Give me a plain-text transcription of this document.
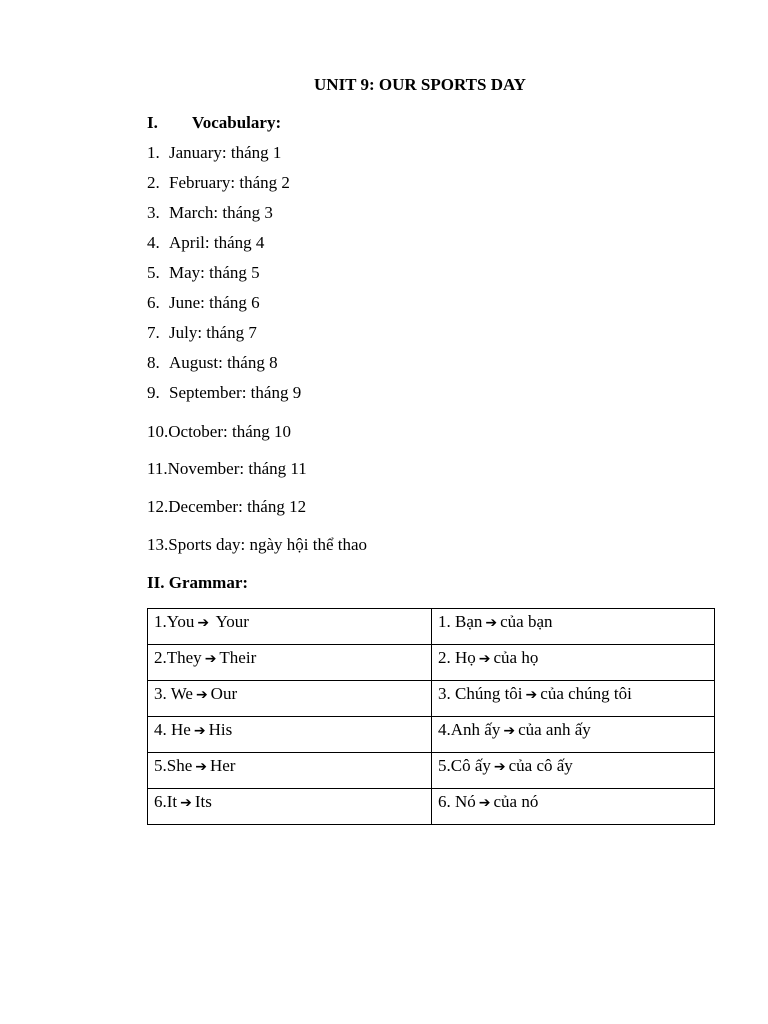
UNIT 9: OUR SPORTS DAY
I. Vocabulary:
1. January: tháng 1
2. February: tháng 2
3. March: tháng 3
4. April: tháng 4
5. May: tháng 5
6. June: tháng 6
7. July: tháng 7
8. August: tháng 8
9. September: tháng 9
10.October: tháng 10
11.November: tháng 11
12.December: tháng 12
13.Sports day: ngày hội thể thao
II. Grammar:
1.You ➔ Your	1. Bạn ➔ của bạn
2.They ➔ Their	2. Họ ➔ của họ
3. We ➔ Our	3. Chúng tôi ➔ của chúng tôi
4. He ➔ His	4.Anh ấy ➔ của anh ấy
5.She ➔ Her	5.Cô ấy ➔ của cô ấy
6.It ➔ Its	6. Nó ➔ của nó
